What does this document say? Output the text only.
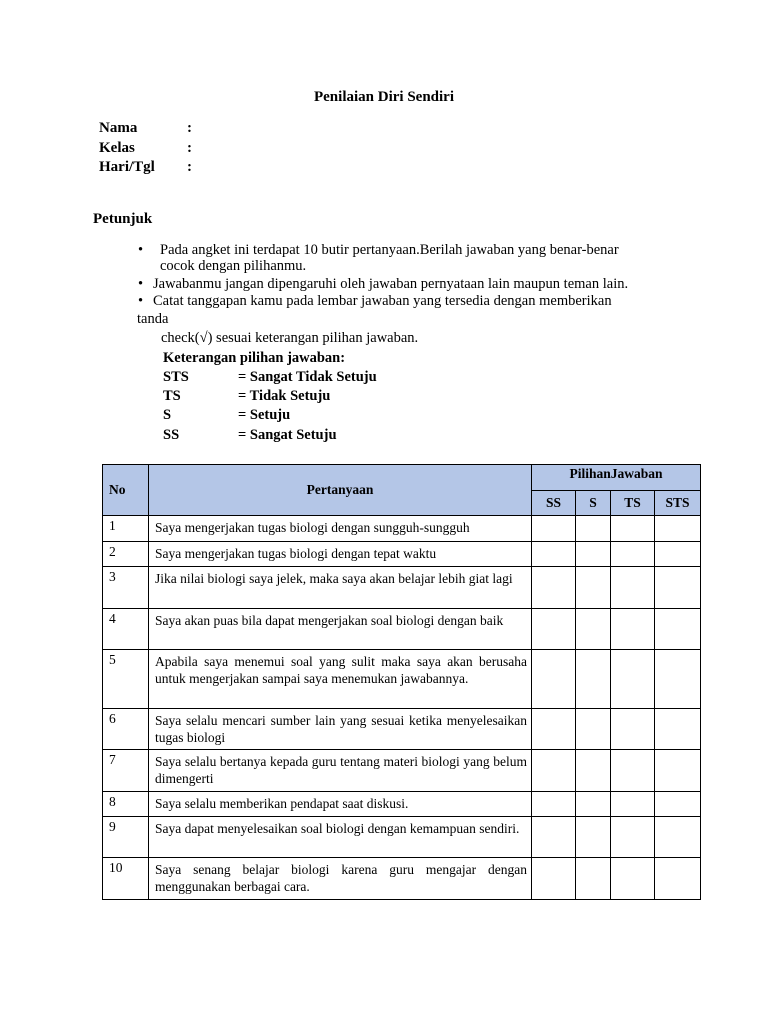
Penilaian Diri Sendiri
Nama	:
Kelas	:
Hari/Tgl :
Petunjuk
•	Pada angket ini terdapat 10 butir pertanyaan.Berilah jawaban yang benar-benar
cocok dengan pilihanmu.
• Jawabanmu jangan dipengaruhi oleh jawaban pernyataan lain maupun teman lain.
• Catat tanggapan kamu pada lembar jawaban yang tersedia dengan memberikan
tanda
check(√) sesuai keterangan pilihan jawaban.
Keterangan pilihan jawaban:
STS	= Sangat Tidak Setuju
TS	= Tidak Setuju
S	= Setuju
SS	= Sangat Setuju
No	Pertanyaan	PilihanJawaban			
		SS	S	TS	STS
1	Saya mengerjakan tugas biologi dengan sungguh-sungguh				
2	Saya mengerjakan tugas biologi dengan tepat waktu				
3	Jika nilai biologi saya jelek, maka saya akan belajar lebih giat lagi				
4	Saya akan puas bila dapat mengerjakan soal biologi dengan baik				
5	Apabila saya menemui soal yang sulit maka saya akan berusaha untuk mengerjakan sampai saya menemukan jawabannya.				
6	Saya selalu mencari sumber lain yang sesuai ketika menyelesaikan tugas biologi				
7	Saya selalu bertanya kepada guru tentang materi biologi yang belum dimengerti				
8	Saya selalu memberikan pendapat saat diskusi.				
9	Saya dapat menyelesaikan soal biologi dengan kemampuan sendiri.				
10	Saya senang belajar biologi karena guru mengajar dengan menggunakan berbagai cara.				
